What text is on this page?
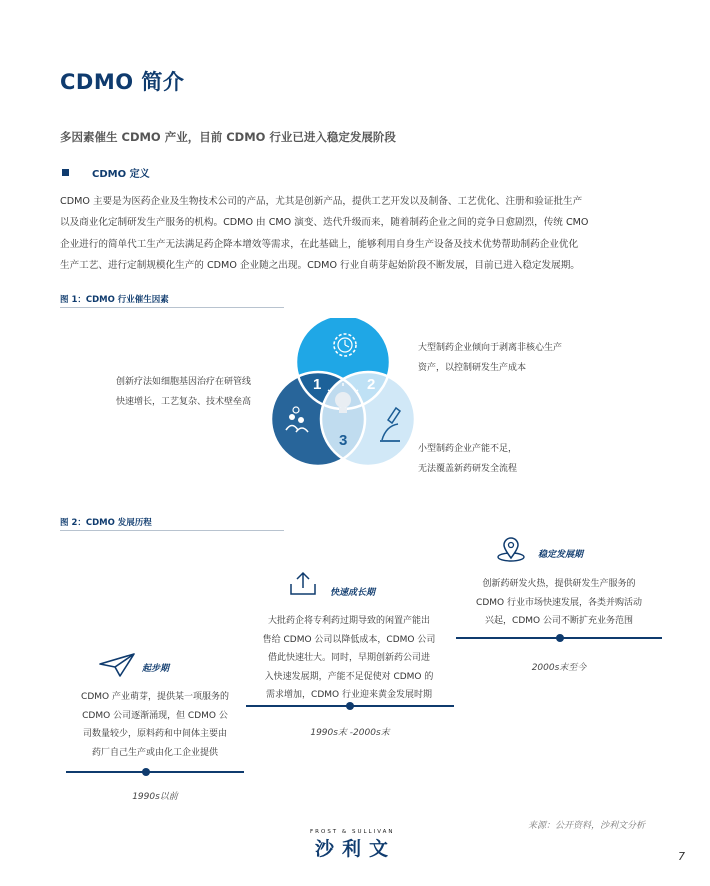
CDMO 简介
多因素催生 CDMO 产业，目前 CDMO 行业已进入稳定发展阶段
CDMO 定义
CDMO 主要是为医药企业及生物技术公司的产品，尤其是创新产品，提供工艺开发以及制备、工艺优化、注册和验证批生产
以及商业化定制研发生产服务的机构。CDMO 由 CMO 演变、迭代升级而来，随着制药企业之间的竞争日愈剧烈，传统 CMO
企业进行的简单代工生产无法满足药企降本增效等需求，在此基础上，能够利用自身生产设备及技术优势帮助制药企业优化
生产工艺、进行定制规模化生产的 CDMO 企业随之出现。CDMO 行业自萌芽起始阶段不断发展，目前已进入稳定发展期。
图 1：CDMO 行业催生因素
1	2
3
创新疗法如细胞基因治疗在研管线
快速增长，工艺复杂、技术壁垒高
大型制药企业倾向于剥离非核心生产
资产，以控制研发生产成本
小型制药企业产能不足，
无法覆盖新药研发全流程
图 2：CDMO 发展历程
起步期
CDMO 产业萌芽，提供某一项服务的
CDMO 公司逐渐涌现，但 CDMO 公
司数量较少，原料药和中间体主要由
药厂自己生产或由化工企业提供
1990s以前
快速成长期
大批药企将专利药过期导致的闲置产能出
售给 CDMO 公司以降低成本，CDMO 公司
借此快速壮大。同时，早期创新药公司进
入快速发展期，产能不足促使对 CDMO 的
需求增加，CDMO 行业迎来黄金发展时期
1990s末 -2000s末
稳定发展期
创新药研发火热，提供研发生产服务的
CDMO 行业市场快速发展，各类并购活动
兴起，CDMO 公司不断扩充业务范围
2000s末至今
来源：公开资料，沙利文分析
FROST & SULLIVAN
沙利文	7
